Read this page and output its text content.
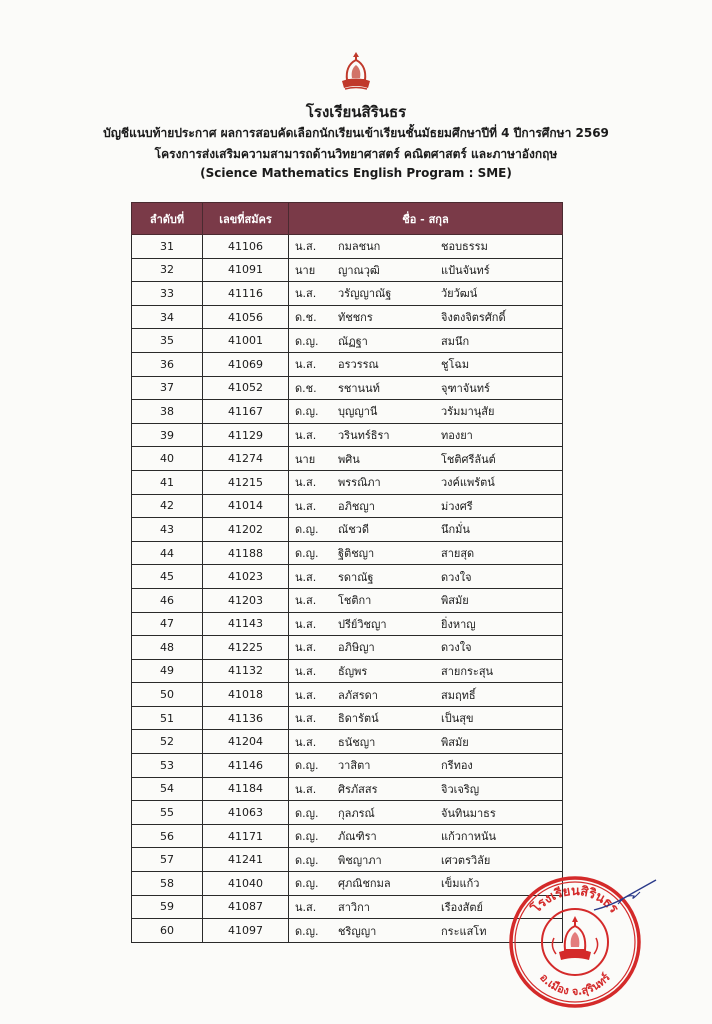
โรงเรียนสิรินธร
บัญชีแนบท้ายประกาศ ผลการสอบคัดเลือกนักเรียนเข้าเรียนชั้นมัธยมศึกษาปีที่ 4 ปีการศึกษา 2569
โครงการส่งเสริมความสามารถด้านวิทยาศาสตร์ คณิตศาสตร์ และภาษาอังกฤษ
(Science Mathematics English Program : SME)
ลำดับที่	เลขที่สมัคร	ชื่อ - สกุล
31	41106	น.ส. กมลชนก ชอบธรรม

32	41091	นาย ญาณวุฒิ แป้นจันทร์

33	41116	น.ส. วรัญญาณัฐ วัยวัฒน์

34	41056	ด.ช. ทัชชกร จิงตงจิตรศักดิ์

35	41001	ด.ญ. ณัฏฐา สมนึก

36	41069	น.ส. อรวรรณ ชูโฉม

37	41052	ด.ช. รชานนท์ จุฑาจันทร์

38	41167	ด.ญ. บุญญานี วรัมมานุสัย

39	41129	น.ส. วรินทร์ธิรา ทองยา

40	41274	นาย พศิน โชติศรีลันต์

41	41215	น.ส. พรรณิภา วงค์แพรัตน์

42	41014	น.ส. อภิชญา ม่วงศรี

43	41202	ด.ญ. ณัชวดี นึกมั่น

44	41188	ด.ญ. ฐิติชญา สายสุด

45	41023	น.ส. รดาณัฐ ดวงใจ

46	41203	น.ส. โชติกา พิสมัย

47	41143	น.ส. ปรีย์วิชญา ยิ่งหาญ

48	41225	น.ส. อภิษิญา ดวงใจ

49	41132	น.ส. ธัญพร สายกระสุน

50	41018	น.ส. ลภัสรดา สมฤทธิ์

51	41136	น.ส. ธิดารัตน์ เป็นสุข

52	41204	น.ส. ธนัชญา พิสมัย

53	41146	ด.ญ. วาสิตา กรีทอง

54	41184	น.ส. ศิรภัสสร จิวเจริญ

55	41063	ด.ญ. กุลภรณ์ จันทินมาธร

56	41171	ด.ญ. ภัณฑิรา แก้วกาหนัน

57	41241	ด.ญ. พิชญาภา เศวตรวิลัย

58	41040	ด.ญ. ศุภณิชกมล เข็มแก้ว

59	41087	น.ส. สาวิกา เรืองสัตย์

60	41097	ด.ญ. ชริญญา กระแสโท
โรงเรียนสิรินธร
อ.เมือง จ.สุรินทร์
